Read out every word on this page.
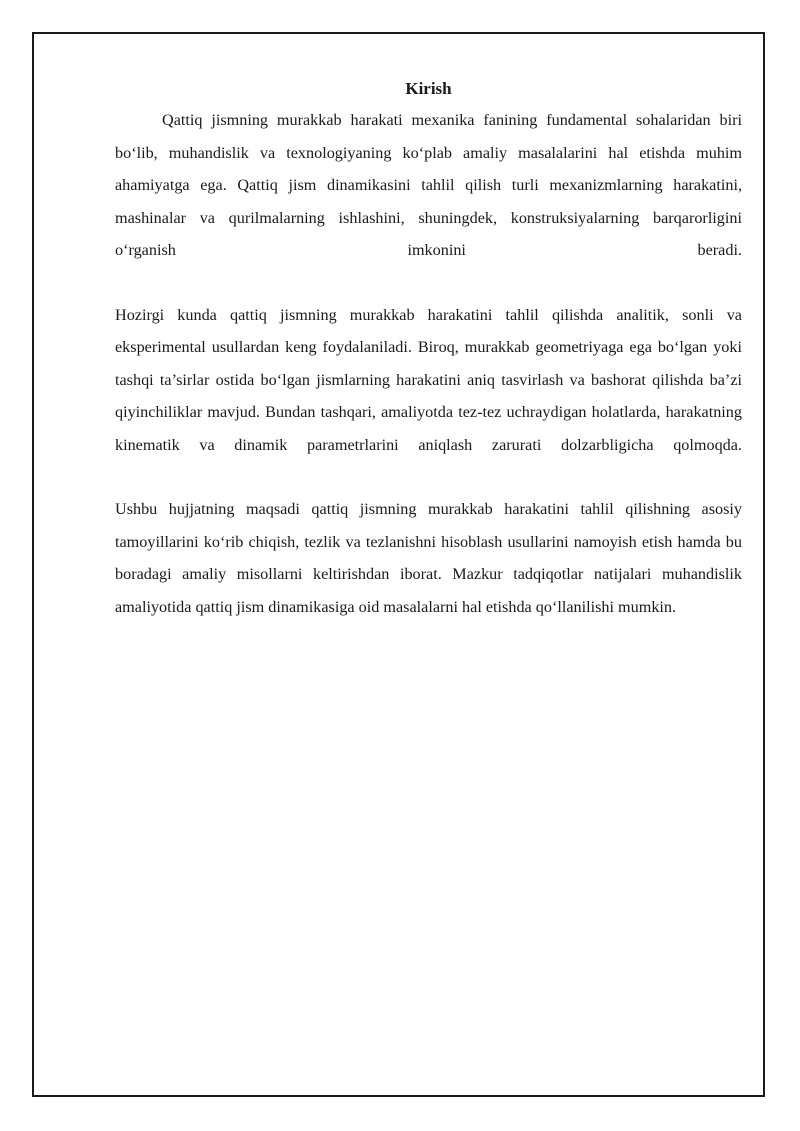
Kirish

Qattiq jismning murakkab harakati mexanika fanining fundamental sohalaridan biri bo‘lib, muhandislik va texnologiyaning ko‘plab amaliy masalalarini hal etishda muhim ahamiyatga ega. Qattiq jism dinamikasini tahlil qilish turli mexanizmlarning harakatini, mashinalar va qurilmalarning ishlashini, shuningdek, konstruksiyalarning barqarorligini o‘rganish imkonini beradi.

Hozirgi kunda qattiq jismning murakkab harakatini tahlil qilishda analitik, sonli va eksperimental usullardan keng foydalaniladi. Biroq, murakkab geometriyaga ega bo‘lgan yoki tashqi ta’sirlar ostida bo‘lgan jismlarning harakatini aniq tasvirlash va bashorat qilishda ba’zi qiyinchiliklar mavjud. Bundan tashqari, amaliyotda tez-tez uchraydigan holatlarda, harakatning kinematik va dinamik parametrlarini aniqlash zarurati dolzarbligicha qolmoqda.

Ushbu hujjatning maqsadi qattiq jismning murakkab harakatini tahlil qilishning asosiy tamoyillarini ko‘rib chiqish, tezlik va tezlanishni hisoblash usullarini namoyish etish hamda bu boradagi amaliy misollarni keltirishdan iborat. Mazkur tadqiqotlar natijalari muhandislik amaliyotida qattiq jism dinamikasiga oid masalalarni hal etishda qo‘llanilishi mumkin.
